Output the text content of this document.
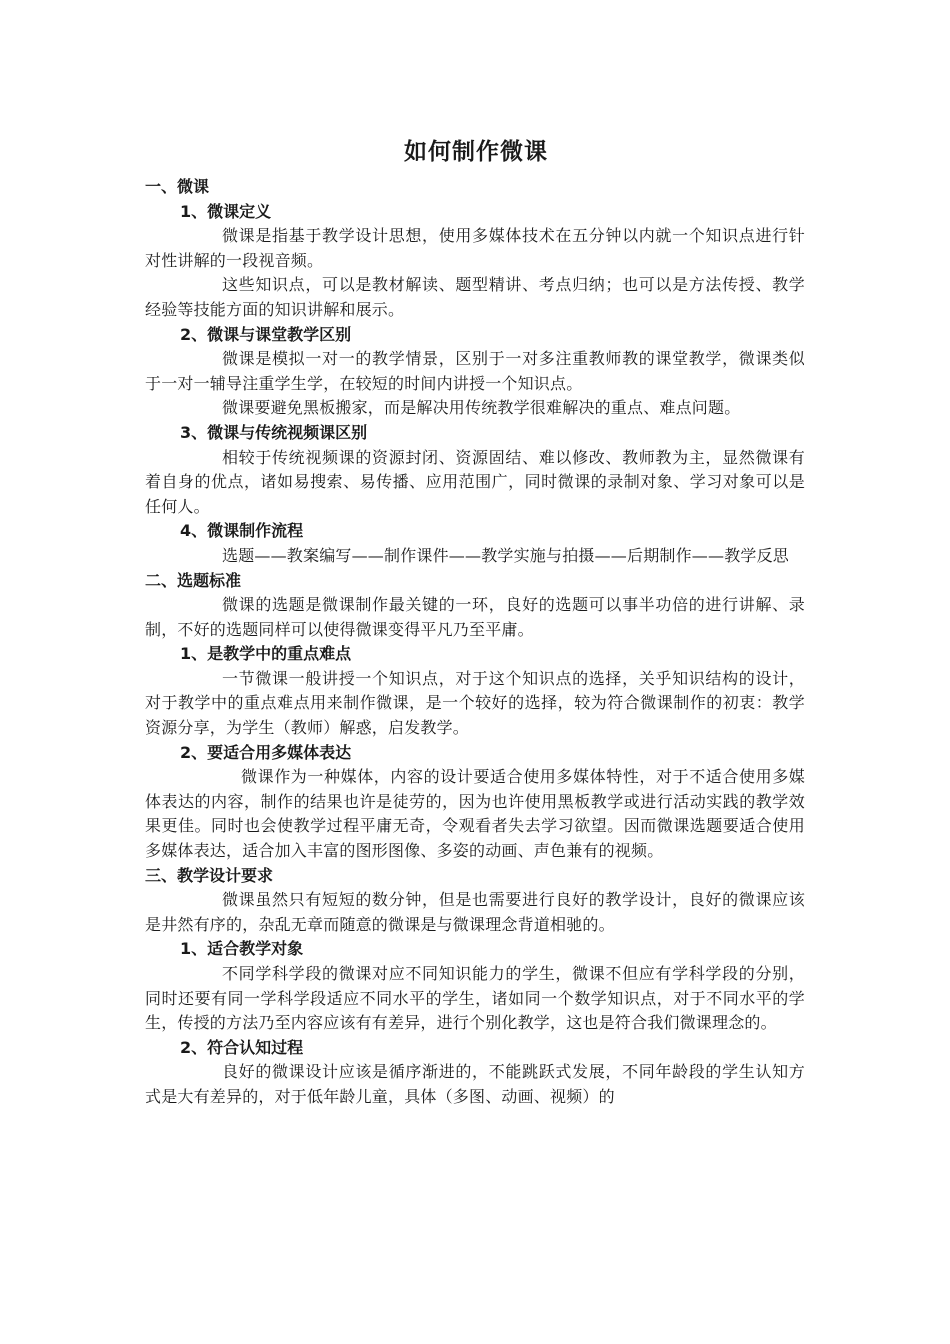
如何制作微课
一、微课
1、微课定义

微课是指基于教学设计思想，使用多媒体技术在五分钟以内就一个知识点进行针对性讲解的一段视音频。

这些知识点，可以是教材解读、题型精讲、考点归纳；也可以是方法传授、教学经验等技能方面的知识讲解和展示。

2、微课与课堂教学区别

微课是模拟一对一的教学情景，区别于一对多注重教师教的课堂教学，微课类似于一对一辅导注重学生学，在较短的时间内讲授一个知识点。

微课要避免黑板搬家，而是解决用传统教学很难解决的重点、难点问题。

3、微课与传统视频课区别

相较于传统视频课的资源封闭、资源固结、难以修改、教师教为主，显然微课有着自身的优点，诸如易搜索、易传播、应用范围广，同时微课的录制对象、学习对象可以是任何人。

4、微课制作流程

选题——教案编写——制作课件——教学实施与拍摄——后期制作——教学反思

二、选题标准

微课的选题是微课制作最关键的一环，良好的选题可以事半功倍的进行讲解、录制，不好的选题同样可以使得微课变得平凡乃至平庸。

1、是教学中的重点难点

一节微课一般讲授一个知识点，对于这个知识点的选择，关乎知识结构的设计，对于教学中的重点难点用来制作微课，是一个较好的选择，较为符合微课制作的初衷：教学资源分享，为学生（教师）解惑，启发教学。

2、要适合用多媒体表达

微课作为一种媒体，内容的设计要适合使用多媒体特性，对于不适合使用多媒体表达的内容，制作的结果也许是徒劳的，因为也许使用黑板教学或进行活动实践的教学效果更佳。同时也会使教学过程平庸无奇，令观看者失去学习欲望。因而微课选题要适合使用多媒体表达，适合加入丰富的图形图像、多姿的动画、声色兼有的视频。

三、教学设计要求

微课虽然只有短短的数分钟，但是也需要进行良好的教学设计，良好的微课应该是井然有序的，杂乱无章而随意的微课是与微课理念背道相驰的。

1、适合教学对象

不同学科学段的微课对应不同知识能力的学生，微课不但应有学科学段的分别，同时还要有同一学科学段适应不同水平的学生，诸如同一个数学知识点，对于不同水平的学生，传授的方法乃至内容应该有有差异，进行个别化教学，这也是符合我们微课理念的。

2、符合认知过程

良好的微课设计应该是循序渐进的，不能跳跃式发展，不同年龄段的学生认知方式是大有差异的，对于低年龄儿童，具体（多图、动画、视频）的
